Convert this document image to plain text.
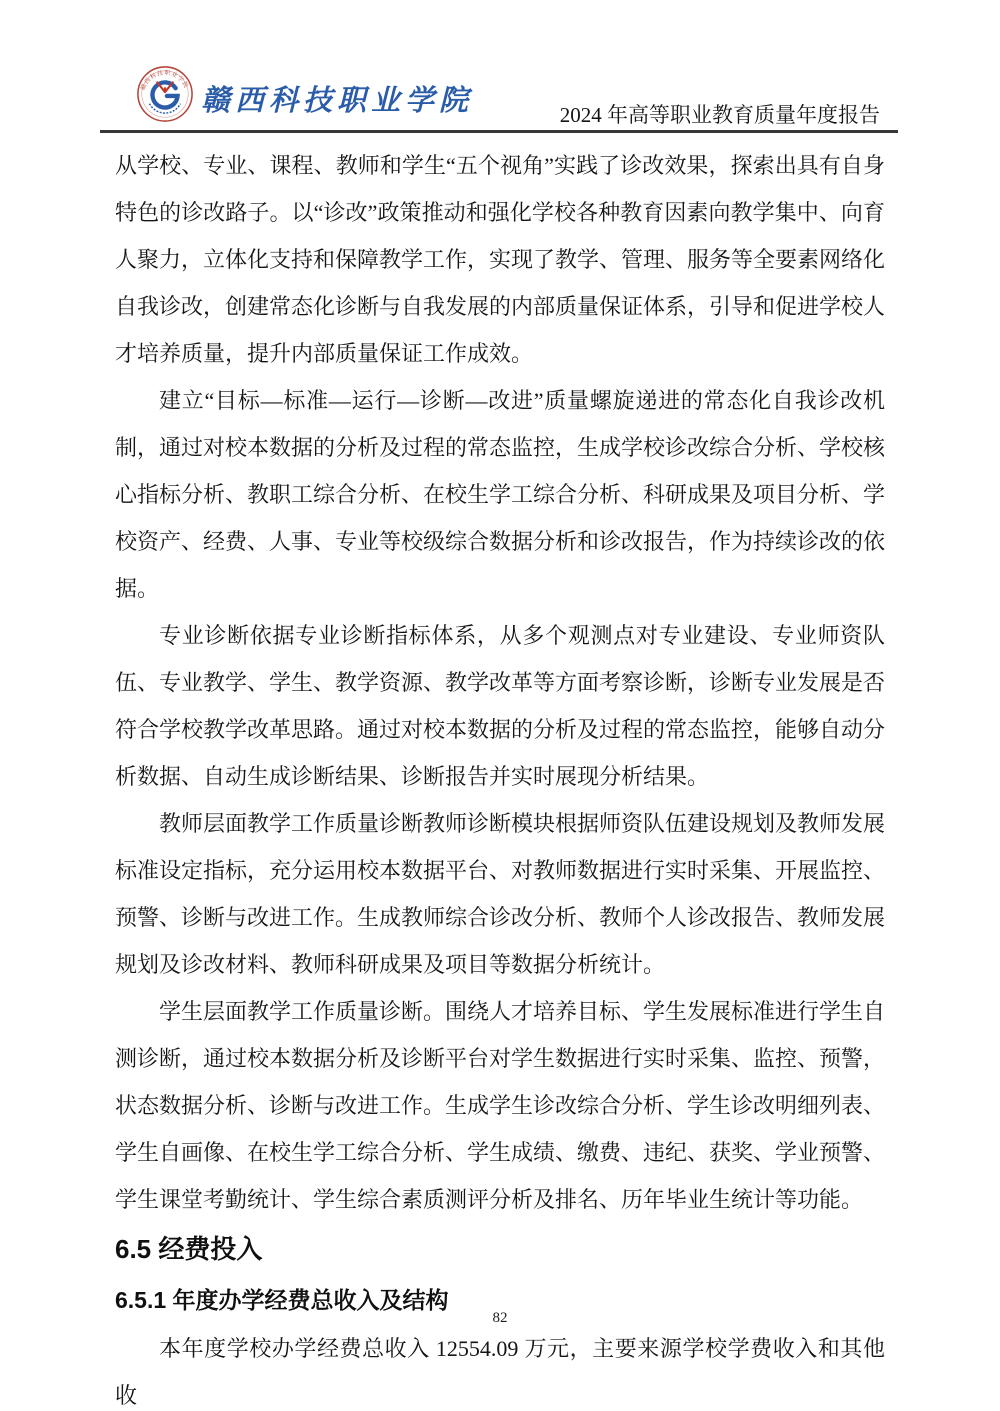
赣西科技职业学院 赣西科技职业学院	2024 年高等职业教育质量年度报告

从学校、专业、课程、教师和学生“五个视角”实践了诊改效果，探索出具有自身特色的诊改路子。以“诊改”政策推动和强化学校各种教育因素向教学集中、向育人聚力，立体化支持和保障教学工作，实现了教学、管理、服务等全要素网络化自我诊改，创建常态化诊断与自我发展的内部质量保证体系，引导和促进学校人才培养质量，提升内部质量保证工作成效。

建立“目标—标准—运行—诊断—改进”质量螺旋递进的常态化自我诊改机制，通过对校本数据的分析及过程的常态监控，生成学校诊改综合分析、学校核心指标分析、教职工综合分析、在校生学工综合分析、科研成果及项目分析、学校资产、经费、人事、专业等校级综合数据分析和诊改报告，作为持续诊改的依据。

专业诊断依据专业诊断指标体系，从多个观测点对专业建设、专业师资队伍、专业教学、学生、教学资源、教学改革等方面考察诊断，诊断专业发展是否符合学校教学改革思路。通过对校本数据的分析及过程的常态监控，能够自动分析数据、自动生成诊断结果、诊断报告并实时展现分析结果。

教师层面教学工作质量诊断教师诊断模块根据师资队伍建设规划及教师发展标准设定指标，充分运用校本数据平台、对教师数据进行实时采集、开展监控、预警、诊断与改进工作。生成教师综合诊改分析、教师个人诊改报告、教师发展规划及诊改材料、教师科研成果及项目等数据分析统计。

学生层面教学工作质量诊断。围绕人才培养目标、学生发展标准进行学生自测诊断，通过校本数据分析及诊断平台对学生数据进行实时采集、监控、预警，状态数据分析、诊断与改进工作。生成学生诊改综合分析、学生诊改明细列表、学生自画像、在校生学工综合分析、学生成绩、缴费、违纪、获奖、学业预警、学生课堂考勤统计、学生综合素质测评分析及排名、历年毕业生统计等功能。

6.5 经费投入

6.5.1 年度办学经费总收入及结构

本年度学校办学经费总收入 12554.09 万元，主要来源学校学费收入和其他收

82
